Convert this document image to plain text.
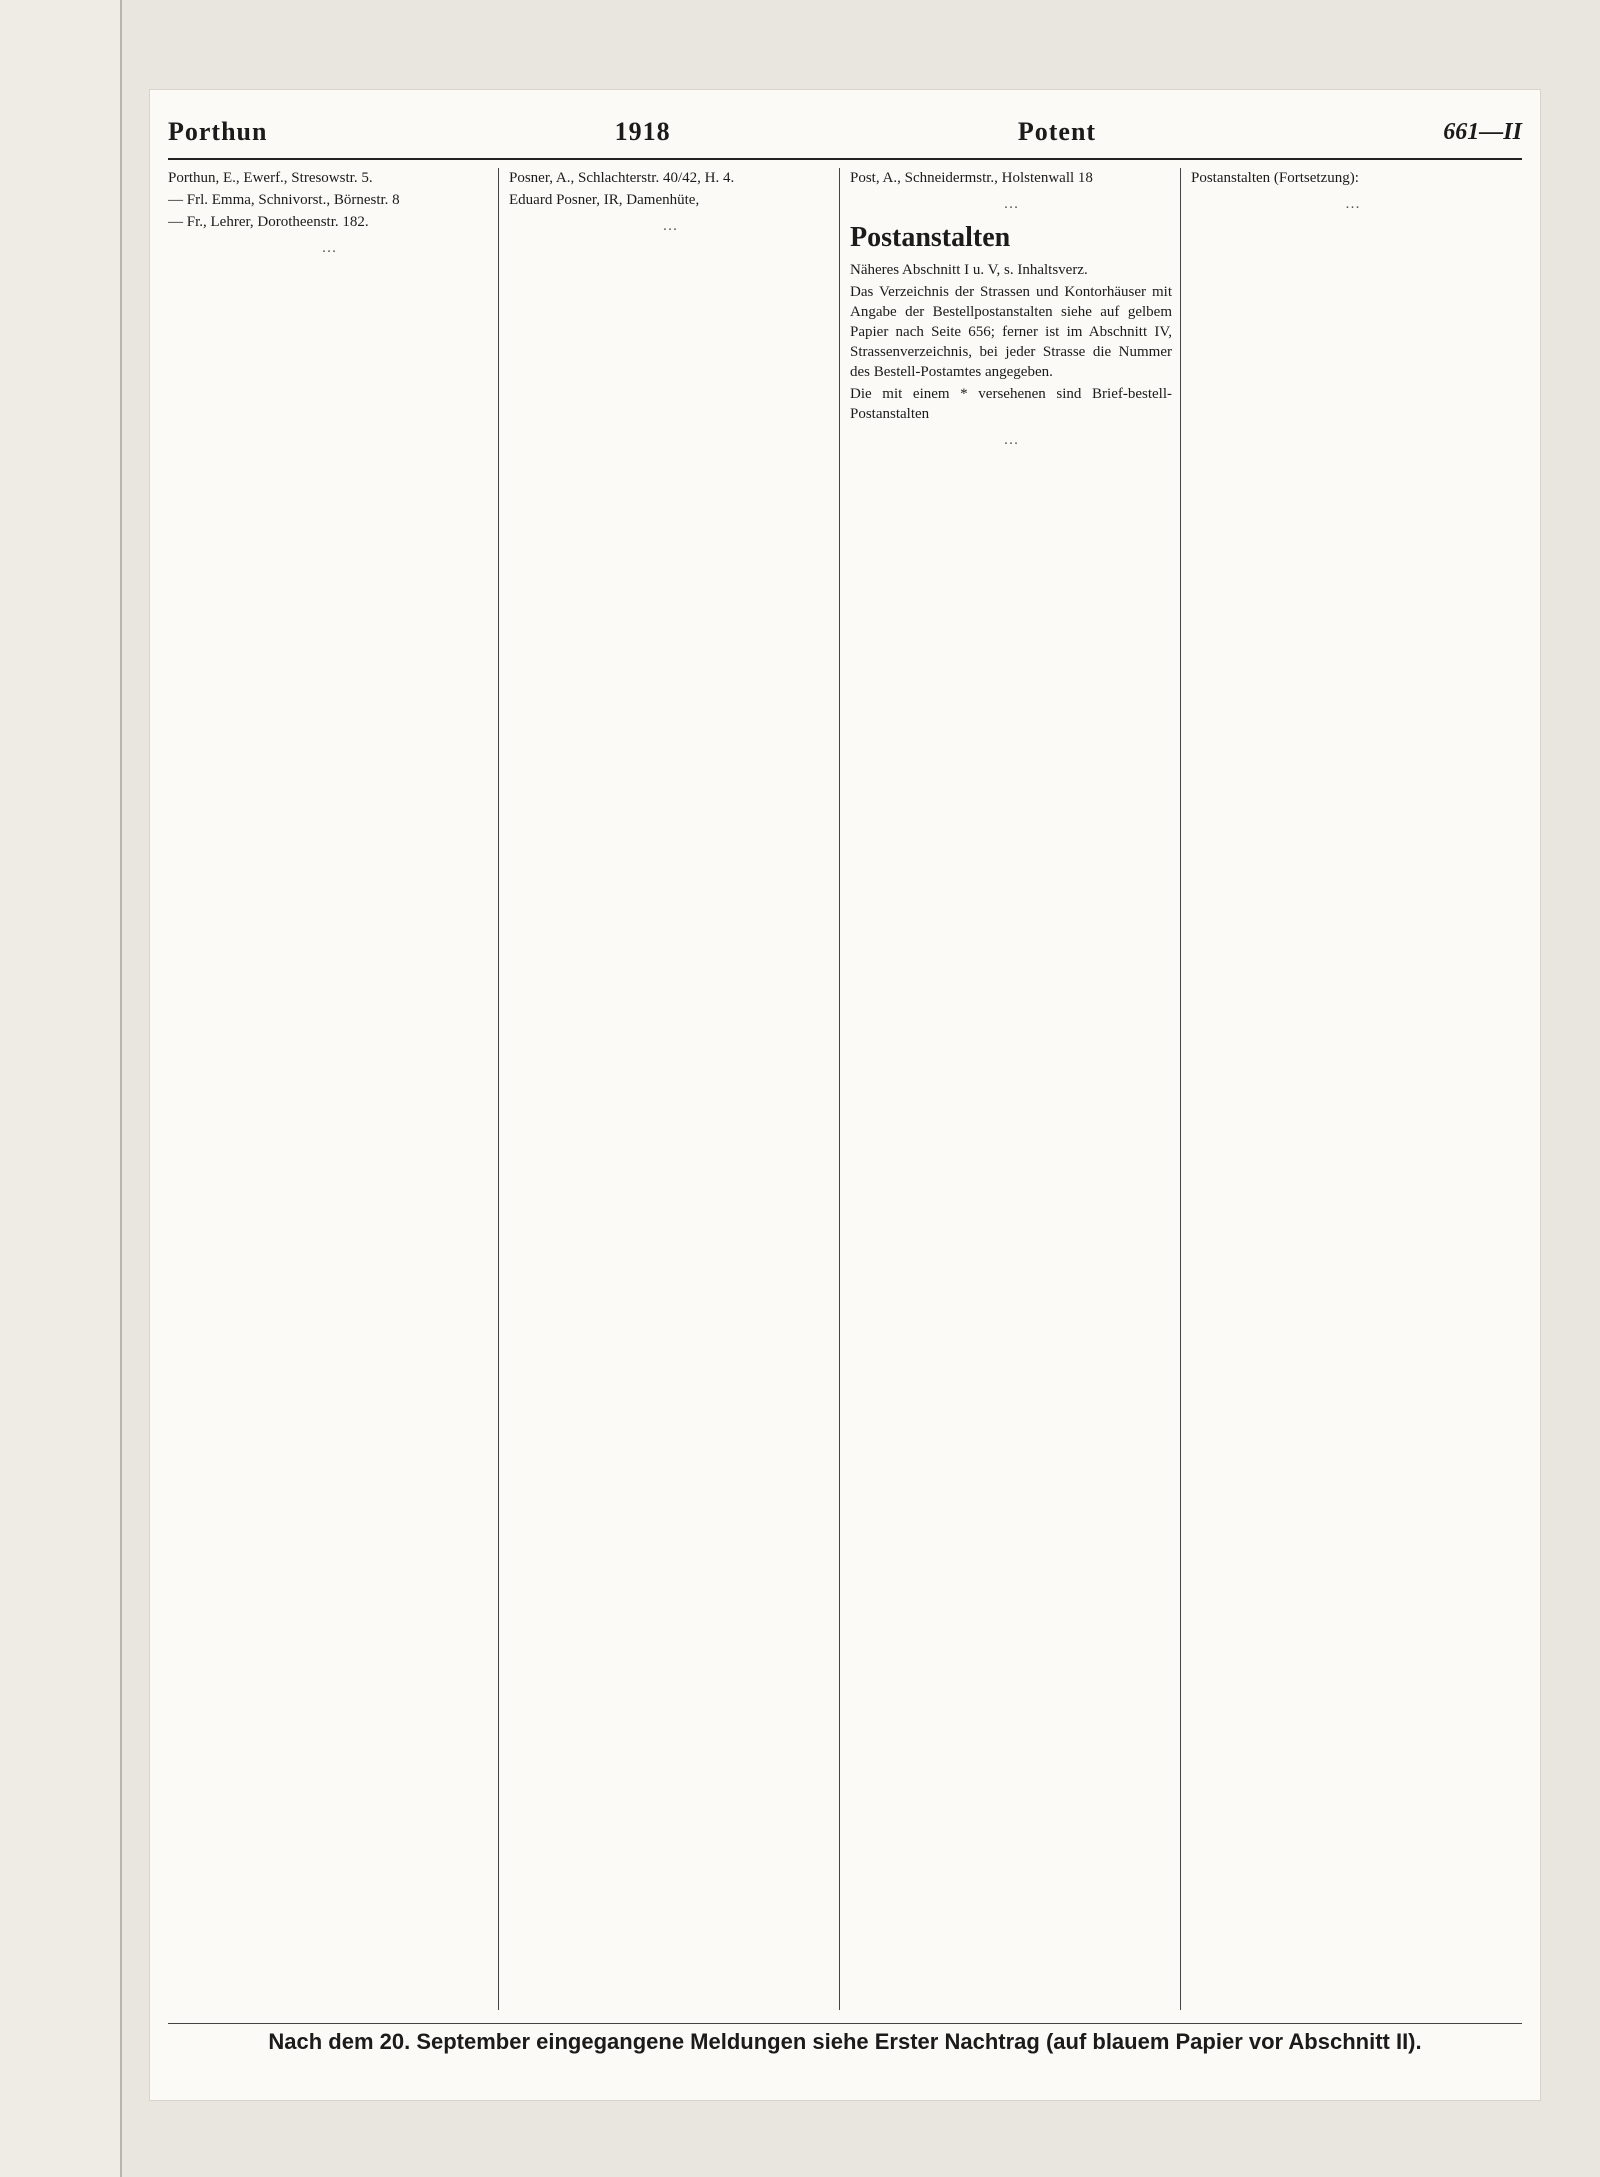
Porthun	1918	Potent	661—II

Porthun, E., Ewerf., Stresowstr. 5.

— Frl. Emma, Schnivorst., Börnestr. 8

— Fr., Lehrer, Dorotheenstr. 182.

…

Posner, A., Schlachterstr. 40/42, H. 4.

Eduard Posner, IR, Damenhüte,

…

Post, A., Schneidermstr., Holstenwall 18

…

Postanstalten

Näheres Abschnitt I u. V, s. Inhaltsverz.

Das Verzeichnis der Strassen und Kontorhäuser mit Angabe der Bestellpostanstalten siehe auf gelbem Papier nach Seite 656; ferner ist im Abschnitt IV, Strassenverzeichnis, bei jeder Strasse die Nummer des Bestell-Postamtes angegeben.

Die mit einem * versehenen sind Brief-bestell-Postanstalten

…

Postanstalten (Fortsetzung):

…

Nach dem 20. September eingegangene Meldungen siehe Erster Nachtrag (auf blauem Papier vor Abschnitt II).
